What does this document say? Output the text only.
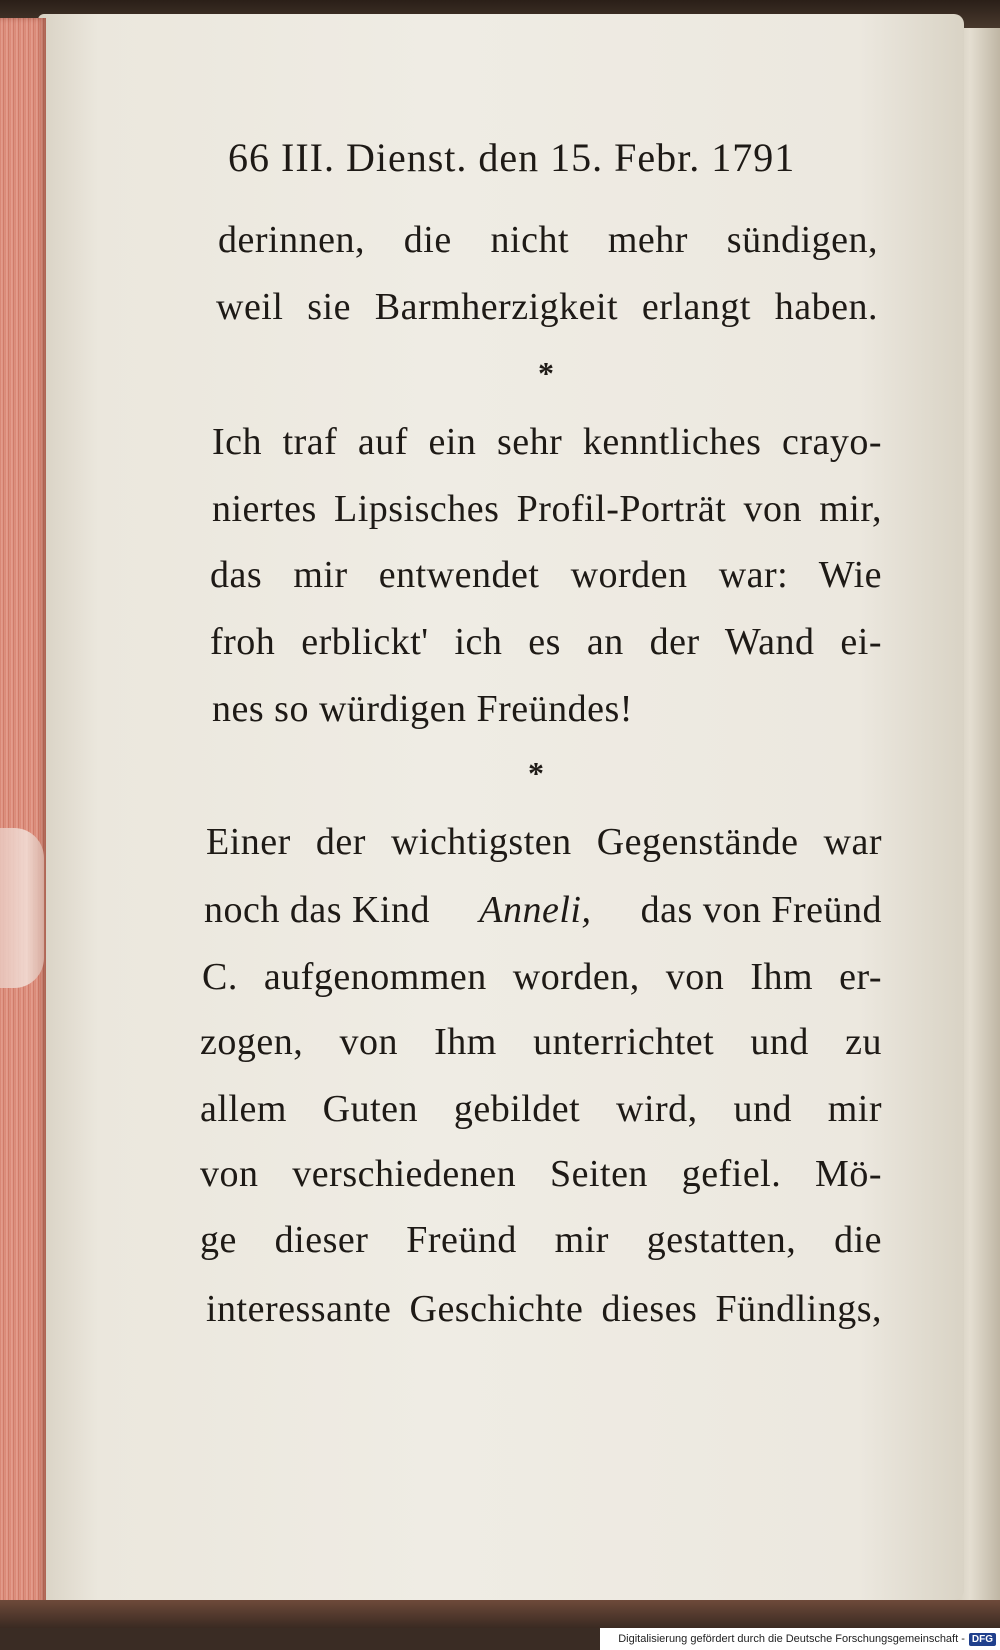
66 III. Dienst. den 15. Febr. 1791
derinnen, die nicht mehr sündigen,
weil sie Barmherzigkeit erlangt haben.
*
Ich traf auf ein sehr kenntliches crayo-
niertes Lipsisches Profil-Porträt von mir,
das mir entwendet worden war: Wie
froh erblickt' ich es an der Wand ei-
nes so würdigen Freündes!
*
Einer der wichtigsten Gegenstände war
noch das Kind Anneli, das von Freünd
C. aufgenommen worden, von Ihm er-
zogen, von Ihm unterrichtet und zu
allem Guten gebildet wird, und mir
von verschiedenen Seiten gefiel. Mö-
ge dieser Freünd mir gestatten, die
interessante Geschichte dieses Fündlings,
Digitalisierung gefördert durch die Deutsche Forschungsgemeinschaft - DFG
